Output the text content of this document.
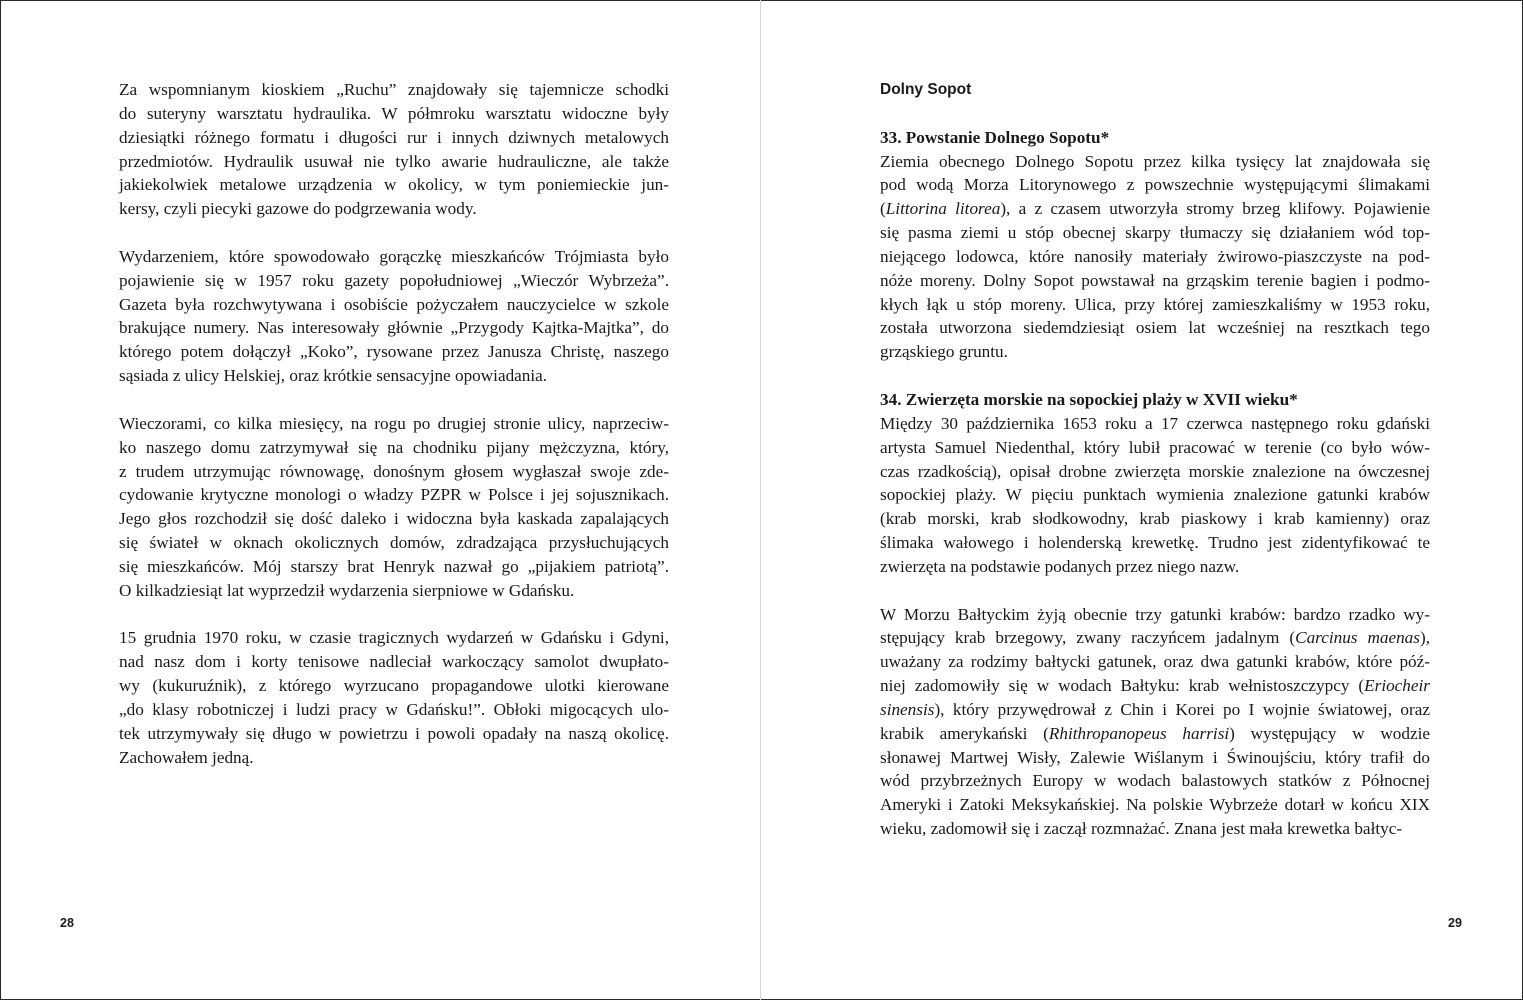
Za wspomnianym kioskiem „Ruchu” znajdowały się tajemnicze schodki
do suteryny warsztatu hydraulika. W półmroku warsztatu widoczne były
dziesiątki różnego formatu i długości rur i innych dziwnych metalowych
przedmiotów. Hydraulik usuwał nie tylko awarie hudrauliczne, ale także
jakiekolwiek metalowe urządzenia w okolicy, w tym poniemieckie jun-
kersy, czyli piecyki gazowe do podgrzewania wody.

Wydarzeniem, które spowodowało gorączkę mieszkańców Trójmiasta było
pojawienie się w 1957 roku gazety popołudniowej „Wieczór Wybrzeża”.
Gazeta była rozchwytywana i osobiście pożyczałem nauczycielce w szkole
brakujące numery. Nas interesowały głównie „Przygody Kajtka-Majtka”, do
którego potem dołączył „Koko”, rysowane przez Janusza Christę, naszego
sąsiada z ulicy Helskiej, oraz krótkie sensacyjne opowiadania.

Wieczorami, co kilka miesięcy, na rogu po drugiej stronie ulicy, naprzeciw-
ko naszego domu zatrzymywał się na chodniku pijany mężczyzna, który,
z trudem utrzymując równowagę, donośnym głosem wygłaszał swoje zde-
cydowanie krytyczne monologi o władzy PZPR w Polsce i jej sojusznikach.
Jego głos rozchodził się dość daleko i widoczna była kaskada zapalających
się świateł w oknach okolicznych domów, zdradzająca przysłuchujących
się mieszkańców. Mój starszy brat Henryk nazwał go „pijakiem patriotą”.
O kilkadziesiąt lat wyprzedził wydarzenia sierpniowe w Gdańsku.

15 grudnia 1970 roku, w czasie tragicznych wydarzeń w Gdańsku i Gdyni,
nad nasz dom i korty tenisowe nadleciał warkoczący samolot dwupłato-
wy (kukuruźnik), z którego wyrzucano propagandowe ulotki kierowane
„do klasy robotniczej i ludzi pracy w Gdańsku!”. Obłoki migocących ulo-
tek utrzymywały się długo w powietrzu i powoli opadały na naszą okolicę.
Zachowałem jedną.

28
Dolny Sopot

33. Powstanie Dolnego Sopotu*
Ziemia obecnego Dolnego Sopotu przez kilka tysięcy lat znajdowała się
pod wodą Morza Litorynowego z powszechnie występującymi ślimakami
(Littorina litorea), a z czasem utworzyła stromy brzeg klifowy. Pojawienie
się pasma ziemi u stóp obecnej skarpy tłumaczy się działaniem wód top-
niejącego lodowca, które nanosiły materiały żwirowo-piaszczyste na pod-
nóże moreny. Dolny Sopot powstawał na grząskim terenie bagien i podmo-
kłych łąk u stóp moreny. Ulica, przy której zamieszkaliśmy w 1953 roku,
została utworzona siedemdziesiąt osiem lat wcześniej na resztkach tego
grząskiego gruntu.

34. Zwierzęta morskie na sopockiej plaży w XVII wieku*
Między 30 października 1653 roku a 17 czerwca następnego roku gdański
artysta Samuel Niedenthal, który lubił pracować w terenie (co było wów-
czas rzadkością), opisał drobne zwierzęta morskie znalezione na ówczesnej
sopockiej plaży. W pięciu punktach wymienia znalezione gatunki krabów
(krab morski, krab słodkowodny, krab piaskowy i krab kamienny) oraz
ślimaka wałowego i holenderską krewetkę. Trudno jest zidentyfikować te
zwierzęta na podstawie podanych przez niego nazw.

W Morzu Bałtyckim żyją obecnie trzy gatunki krabów: bardzo rzadko wy-
stępujący krab brzegowy, zwany raczyńcem jadalnym (Carcinus maenas),
uważany za rodzimy bałtycki gatunek, oraz dwa gatunki krabów, które póź-
niej zadomowiły się w wodach Bałtyku: krab wełnistoszczypcy (Eriocheir
sinensis), który przywędrował z Chin i Korei po I wojnie światowej, oraz
krabik amerykański (Rhithropanopeus harrisi) występujący w wodzie
słonawej Martwej Wisły, Zalewie Wiślanym i Świnoujściu, który trafił do
wód przybrzeżnych Europy w wodach balastowych statków z Północnej
Ameryki i Zatoki Meksykańskiej. Na polskie Wybrzeże dotarł w końcu XIX
wieku, zadomowił się i zaczął rozmnażać. Znana jest mała krewetka bałtyc-

29
